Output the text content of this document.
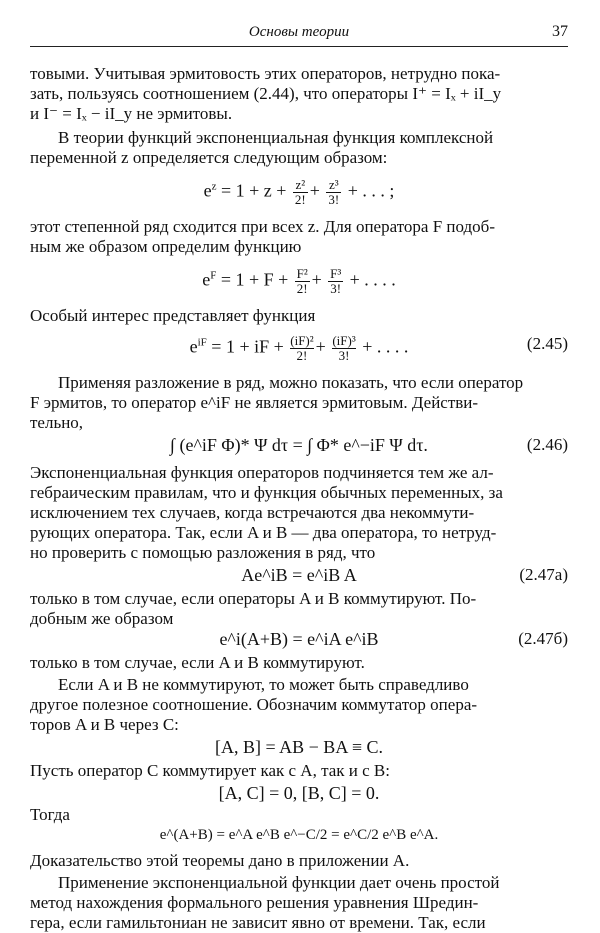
Основы теории	37
товыми. Учитывая эрмитовость этих операторов, нетрудно пока-
зать, пользуясь соотношением (2.44), что операторы I⁺ = Iₓ + iI_y
и I⁻ = Iₓ − iI_y не эрмитовы.
В теории функций экспоненциальная функция комплексной
переменной z определяется следующим образом:
$e^z = 1 + z + \frac{\text{z²}}{2!} + \frac{\text{z³}}{3!}$ + . . . ;
этот степенной ряд сходится при всех z. Для оператора F подоб-
ным же образом определим функцию
$e^F = 1 + F + \frac{\text{F²}}{2!} + \frac{\text{F³}}{3!}$ + . . . .
Особый интерес представляет функция
$e^{iF} = 1$ + iF + $\frac{\text{(iF)²}}{2!} + \frac{\text{(iF)³}}{3!}$ + . . . .	(2.45)
Применяя разложение в ряд, можно показать, что если оператор
F эрмитов, то оператор e^iF не является эрмитовым. Действи-
тельно,
∫ (e^iF Φ)* Ψ dτ = ∫ Φ* e^−iF Ψ dτ.	(2.46)
Экспоненциальная функция операторов подчиняется тем же ал-
гебраическим правилам, что и функция обычных переменных, за
исключением тех случаев, когда встречаются два некоммути-
рующих оператора. Так, если A и B — два оператора, то нетруд-
но проверить с помощью разложения в ряд, что
Ae^iB = e^iB A	(2.47а)
только в том случае, если операторы A и B коммутируют. По-
добным же образом
e^i(A+B) = e^iA e^iB	(2.47б)
только в том случае, если A и B коммутируют.
Если A и B не коммутируют, то может быть справедливо
другое полезное соотношение. Обозначим коммутатор опера-
торов A и B через C:
[A, B] = AB − BA ≡ C.
Пусть оператор C коммутирует как с A, так и с B:
[A, C] = 0, [B, C] = 0.
Тогда
e^(A+B) = e^A e^B e^−C/2 = e^C/2 e^B e^A.
Доказательство этой теоремы дано в приложении А.
Применение экспоненциальной функции дает очень простой
метод нахождения формального решения уравнения Шредин-
гера, если гамильтониан не зависит явно от времени. Так, если
